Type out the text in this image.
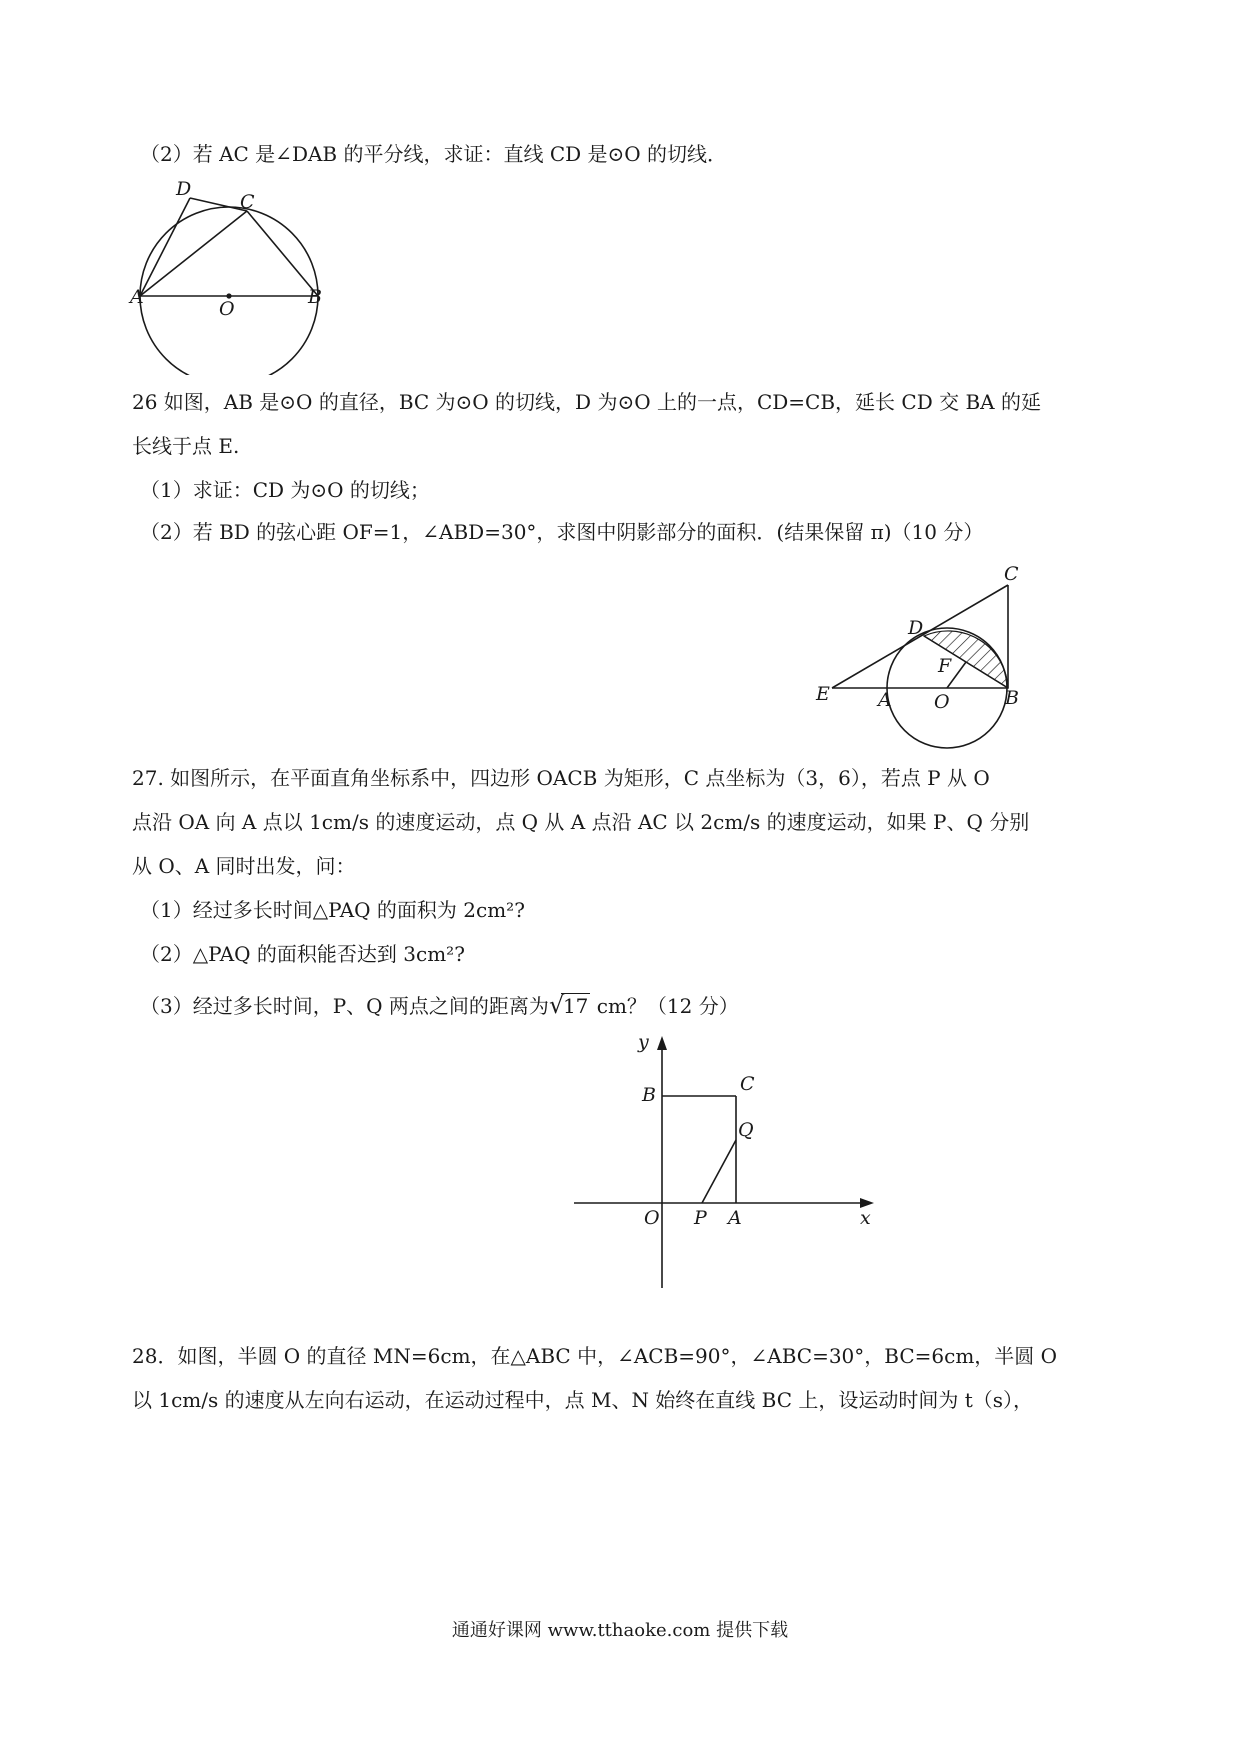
（2）若 AC 是∠DAB 的平分线，求证：直线 CD 是⊙O 的切线．
D
C
A
O
B
26 如图，AB 是⊙O 的直径，BC 为⊙O 的切线，D 为⊙O 上的一点，CD=CB，延长 CD 交 BA 的延
长线于点 E.
（1）求证：CD 为⊙O 的切线；
（2）若 BD 的弦心距 OF=1，∠ABD=30°，求图中阴影部分的面积．(结果保留 π)（10 分）
C
D
F
E	A O	B
27. 如图所示，在平面直角坐标系中，四边形 OACB 为矩形，C 点坐标为（3，6），若点 P 从 O
点沿 OA 向 A 点以 1cm/s 的速度运动，点 Q 从 A 点沿 AC 以 2cm/s 的速度运动，如果 P、Q 分别
从 O、A 同时出发，问：
（1）经过多长时间△PAQ 的面积为 2cm²?
（2）△PAQ 的面积能否达到 3cm²?
（3）经过多长时间，P、Q 两点之间的距离为 √
17 cm？（12 分）
y
B	C
Q
O P A	x
28．如图，半圆 O 的直径 MN=6cm，在△ABC 中，∠ACB=90°，∠ABC=30°，BC=6cm，半圆 O
以 1cm/s 的速度从左向右运动，在运动过程中，点 M、N 始终在直线 BC 上，设运动时间为 t（s），
通通好课网 www.tthaoke.com 提供下载
